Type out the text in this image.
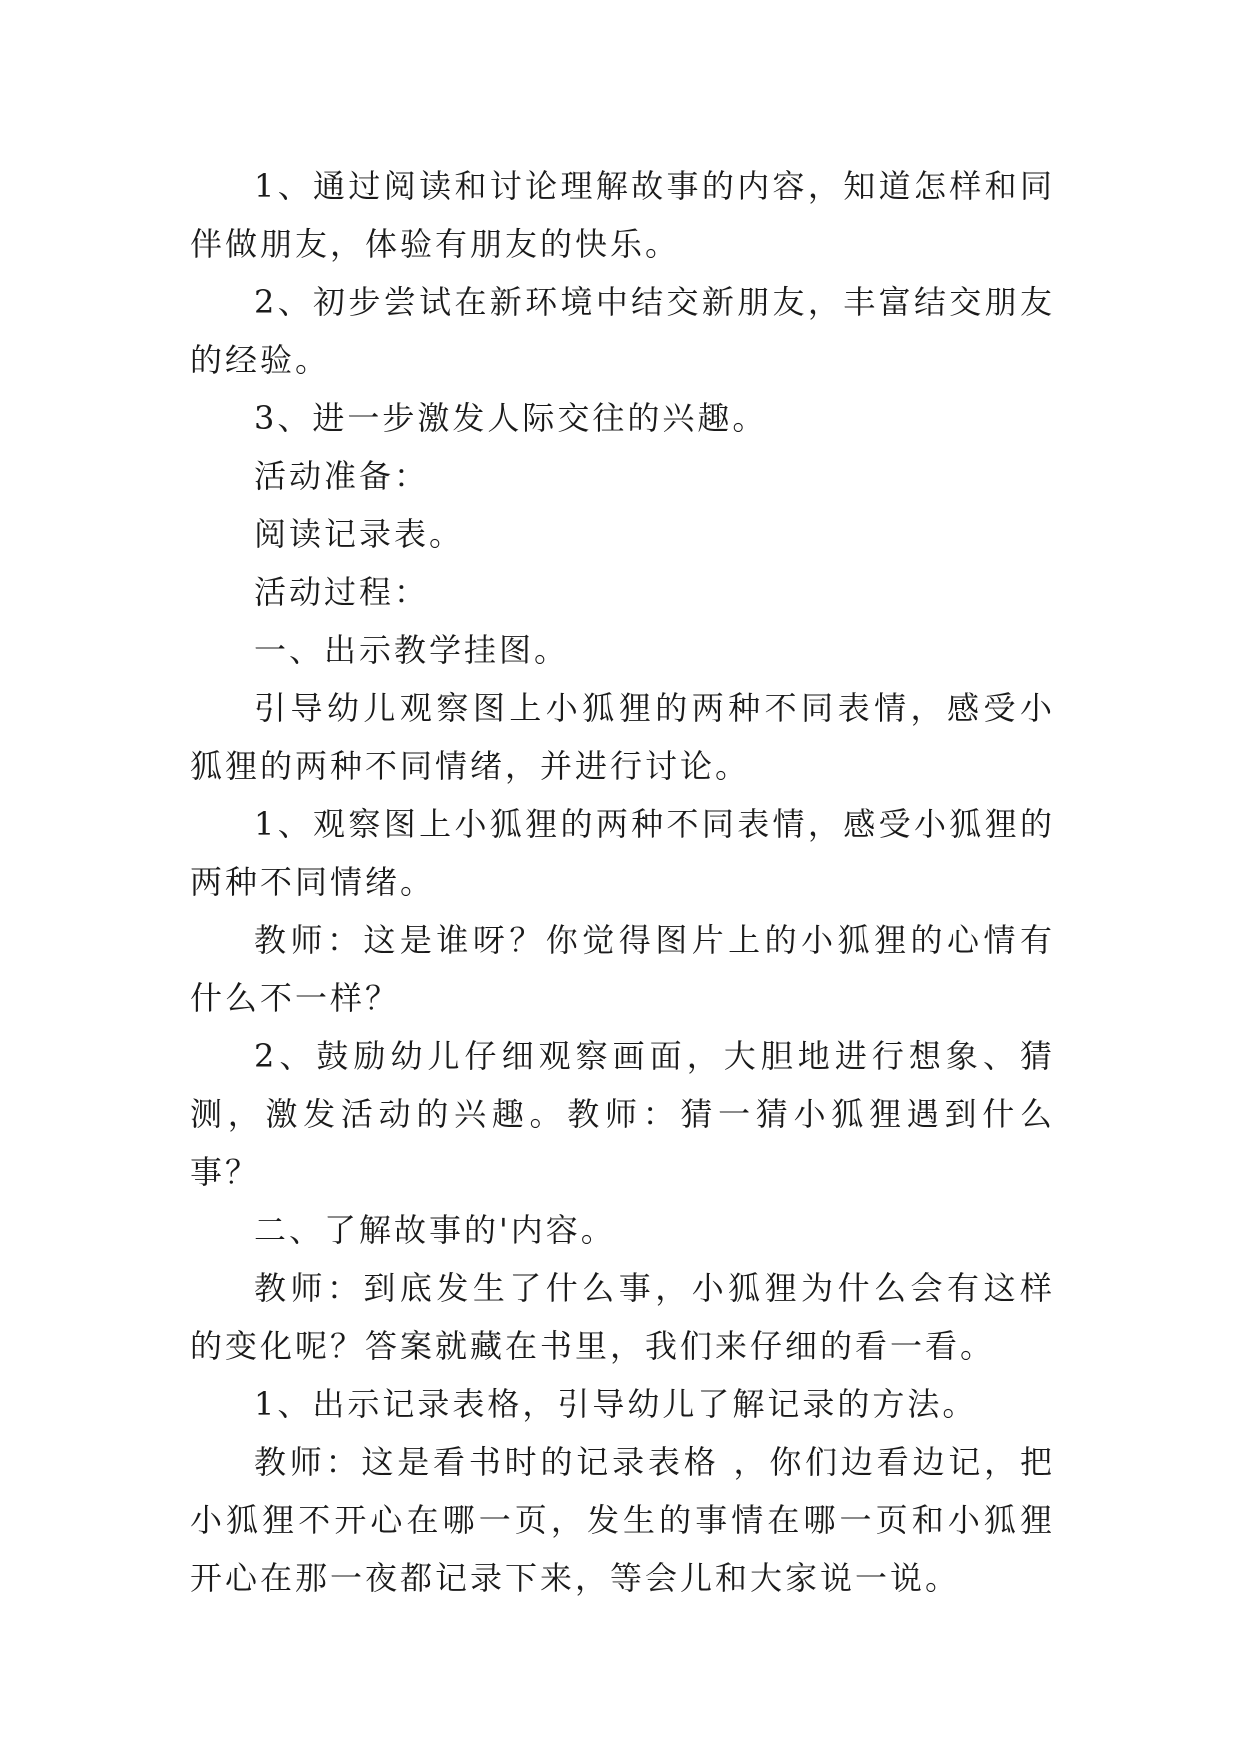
1、通过阅读和讨论理解故事的内容，知道怎样和同伴做朋友，体验有朋友的快乐。

2、初步尝试在新环境中结交新朋友，丰富结交朋友的经验。

3、进一步激发人际交往的兴趣。

活动准备：

阅读记录表。

活动过程：

一、出示教学挂图。

引导幼儿观察图上小狐狸的两种不同表情，感受小狐狸的两种不同情绪，并进行讨论。

1、观察图上小狐狸的两种不同表情，感受小狐狸的两种不同情绪。

教师：这是谁呀？你觉得图片上的小狐狸的心情有什么不一样？

2、鼓励幼儿仔细观察画面，大胆地进行想象、猜测，激发活动的兴趣。教师：猜一猜小狐狸遇到什么事？

二、了解故事的'内容。

教师：到底发生了什么事，小狐狸为什么会有这样的变化呢？答案就藏在书里，我们来仔细的看一看。

1、出示记录表格，引导幼儿了解记录的方法。

教师：这是看书时的记录表格 ，你们边看边记，把小狐狸不开心在哪一页，发生的事情在哪一页和小狐狸开心在那一夜都记录下来，等会儿和大家说一说。
